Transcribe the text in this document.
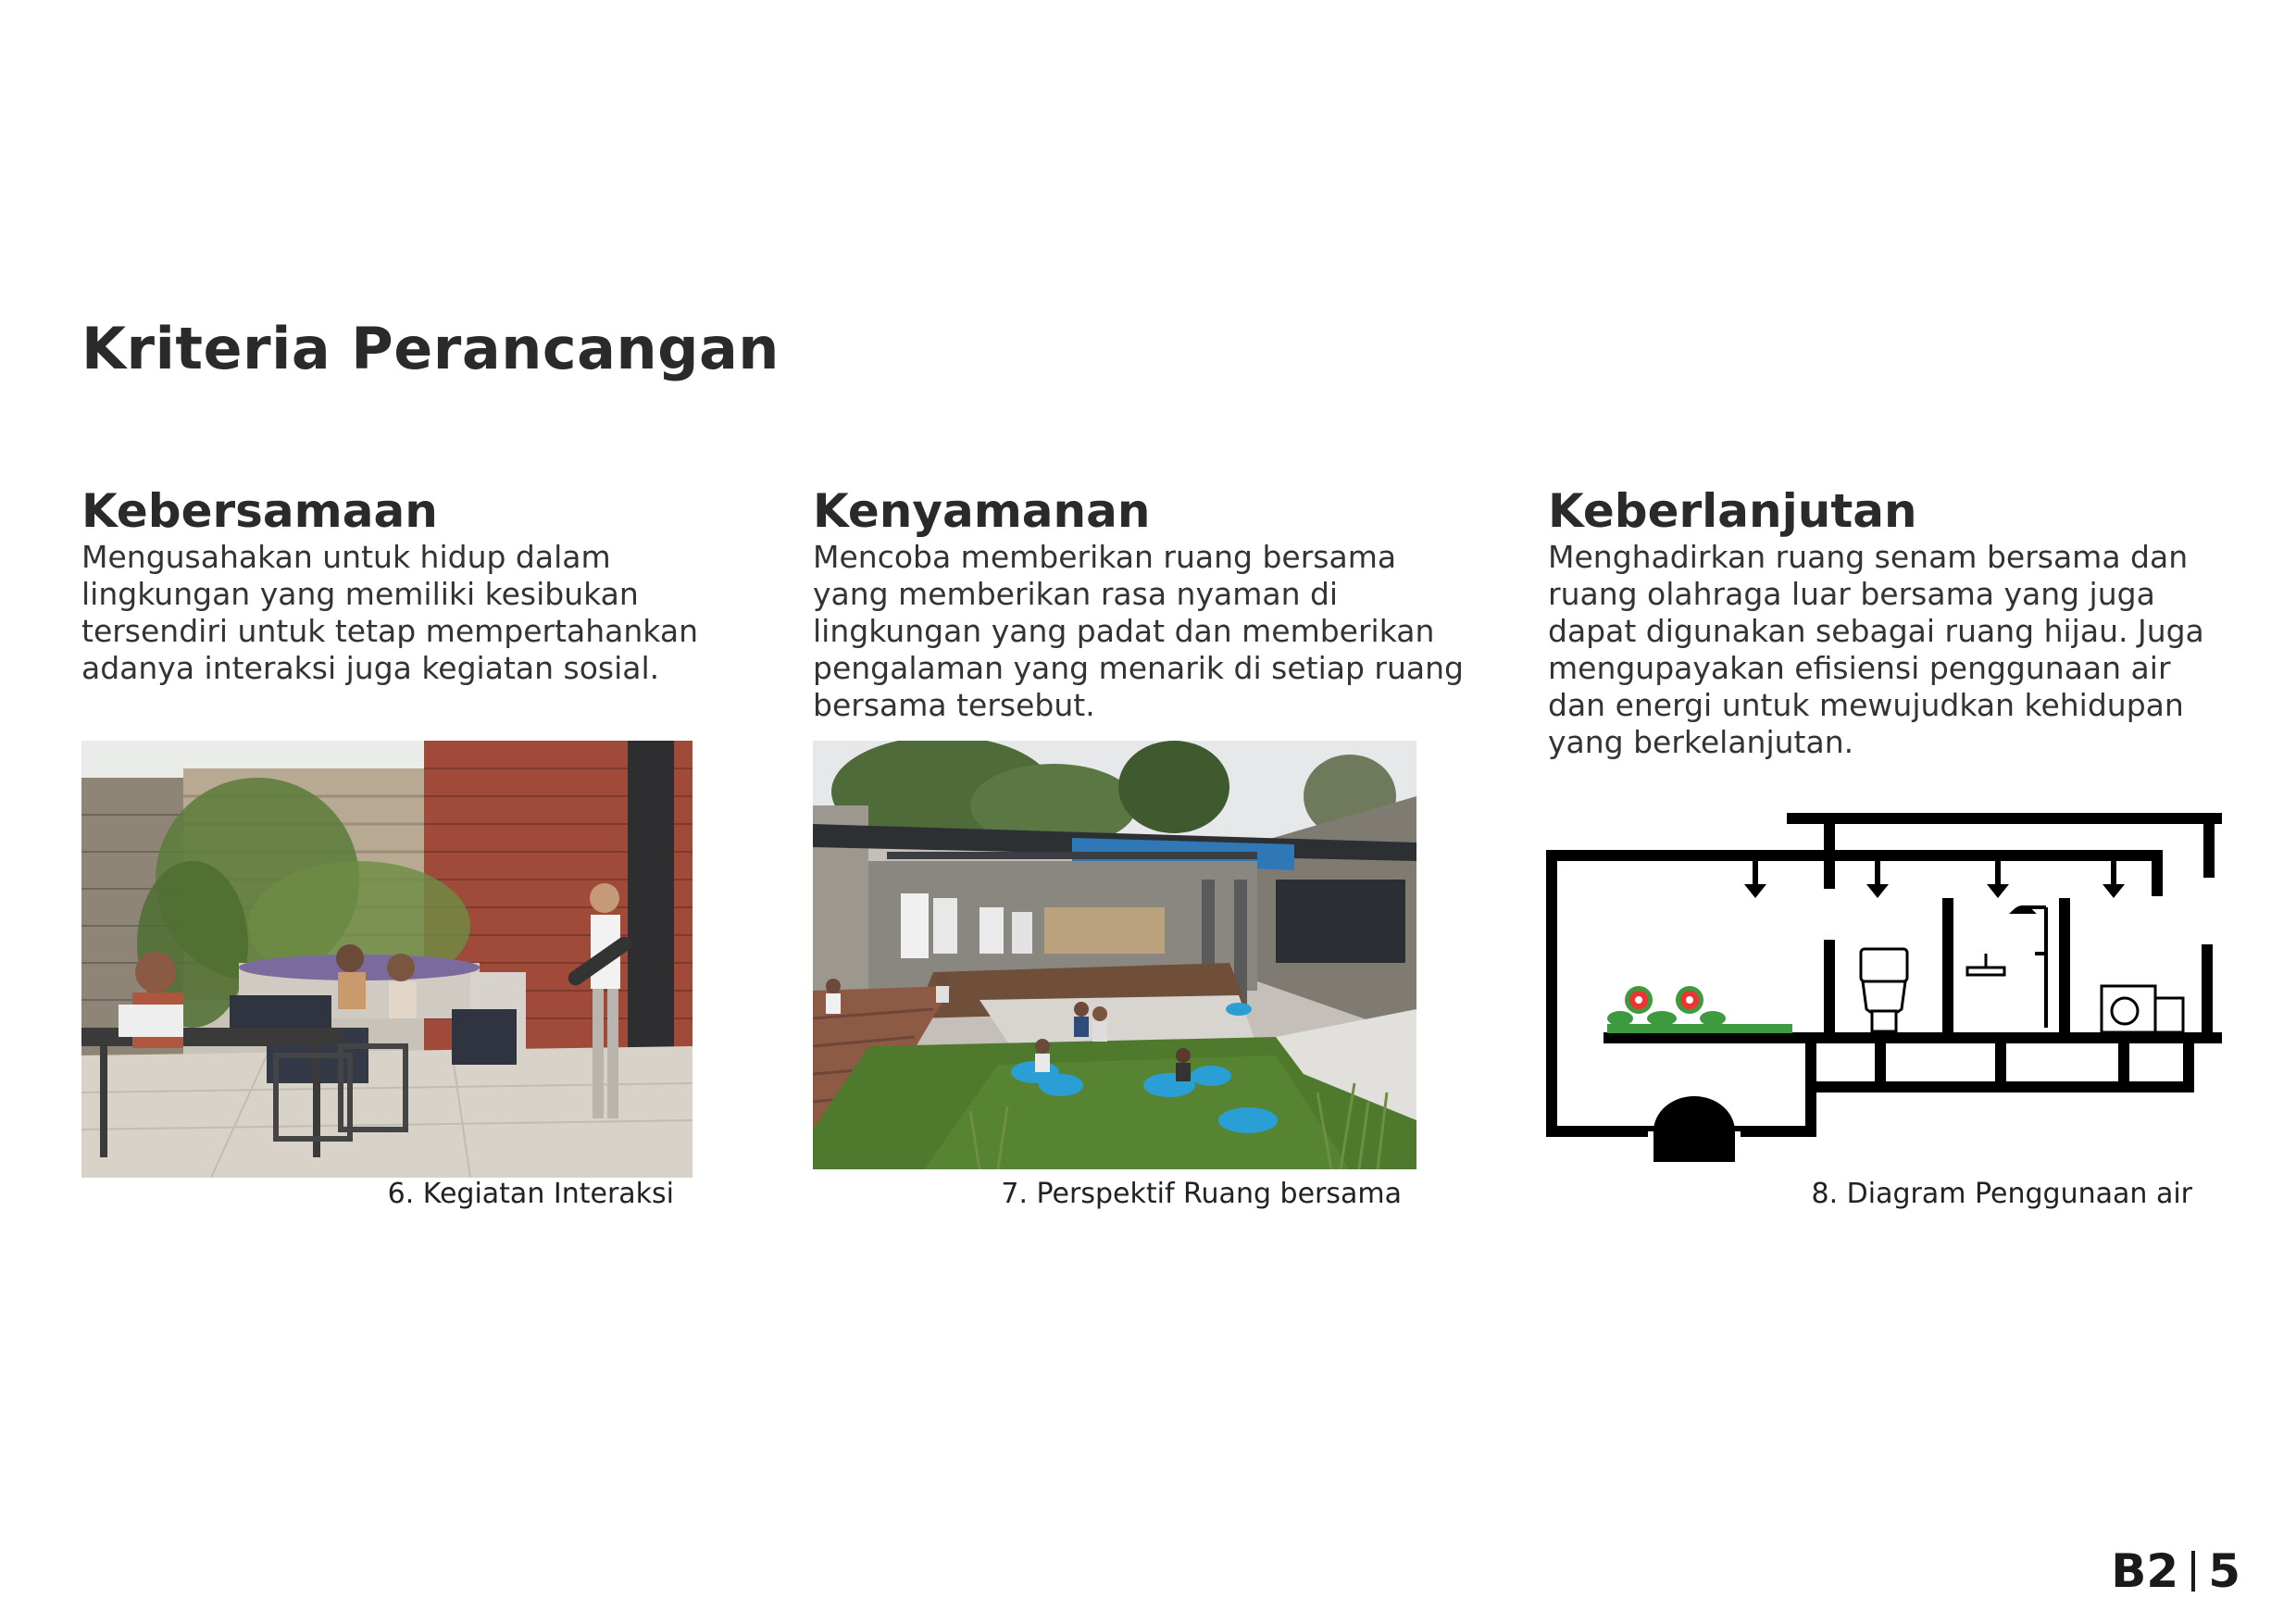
Kriteria Perancangan
Kebersamaan

Mengusahakan untuk hidup dalam lingkungan yang memiliki kesibukan tersendiri untuk tetap mempertahankan adanya interaksi juga kegiatan sosial.

Kenyamanan

Mencoba memberikan ruang bersama yang memberikan rasa nyaman di lingkungan yang padat dan memberikan pengalaman yang menarik di setiap ruang bersama tersebut.

Keberlanjutan

Menghadirkan ruang senam bersama dan ruang olahraga luar bersama yang juga dapat digunakan sebagai ruang hijau. Juga mengupayakan efisiensi penggunaan air dan energi untuk mewujudkan kehidupan yang berkelanjutan.

6. Kegiatan Interaksi	7. Perspektif Ruang bersama	8. Diagram Penggunaan air
B2 5
